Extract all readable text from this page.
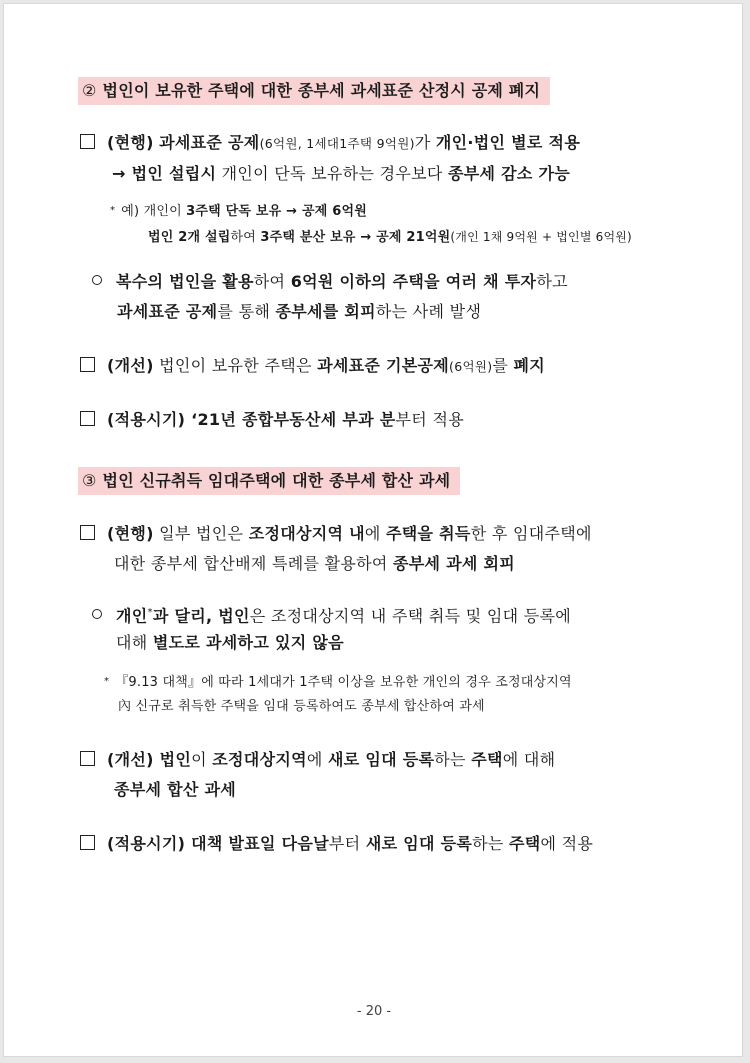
② 법인이 보유한 주택에 대한 종부세 과세표준 산정시 공제 폐지
(현행) 과세표준 공제(6억원, 1세대1주택 9억원)가 개인·법인 별로 적용
→ 법인 설립시 개인이 단독 보유하는 경우보다 종부세 감소 가능
* 예) 개인이 3주택 단독 보유 → 공제 6억원
법인 2개 설립하여 3주택 분산 보유 → 공제 21억원(개인 1채 9억원 + 법인별 6억원)
복수의 법인을 활용하여 6억원 이하의 주택을 여러 채 투자하고
과세표준 공제를 통해 종부세를 회피하는 사례 발생
(개선) 법인이 보유한 주택은 과세표준 기본공제(6억원)를 폐지
(적용시기) ‘21년 종합부동산세 부과 분부터 적용
③ 법인 신규취득 임대주택에 대한 종부세 합산 과세
(현행) 일부 법인은 조정대상지역 내에 주택을 취득한 후 임대주택에
대한 종부세 합산배제 특례를 활용하여 종부세 과세 회피
개인*과 달리, 법인은 조정대상지역 내 주택 취득 및 임대 등록에
대해 별도로 과세하고 있지 않음
* 『9.13 대책』에 따라 1세대가 1주택 이상을 보유한 개인의 경우 조정대상지역
內 신규로 취득한 주택을 임대 등록하여도 종부세 합산하여 과세
(개선) 법인이 조정대상지역에 새로 임대 등록하는 주택에 대해
종부세 합산 과세
(적용시기) 대책 발표일 다음날부터 새로 임대 등록하는 주택에 적용
- 20 -
